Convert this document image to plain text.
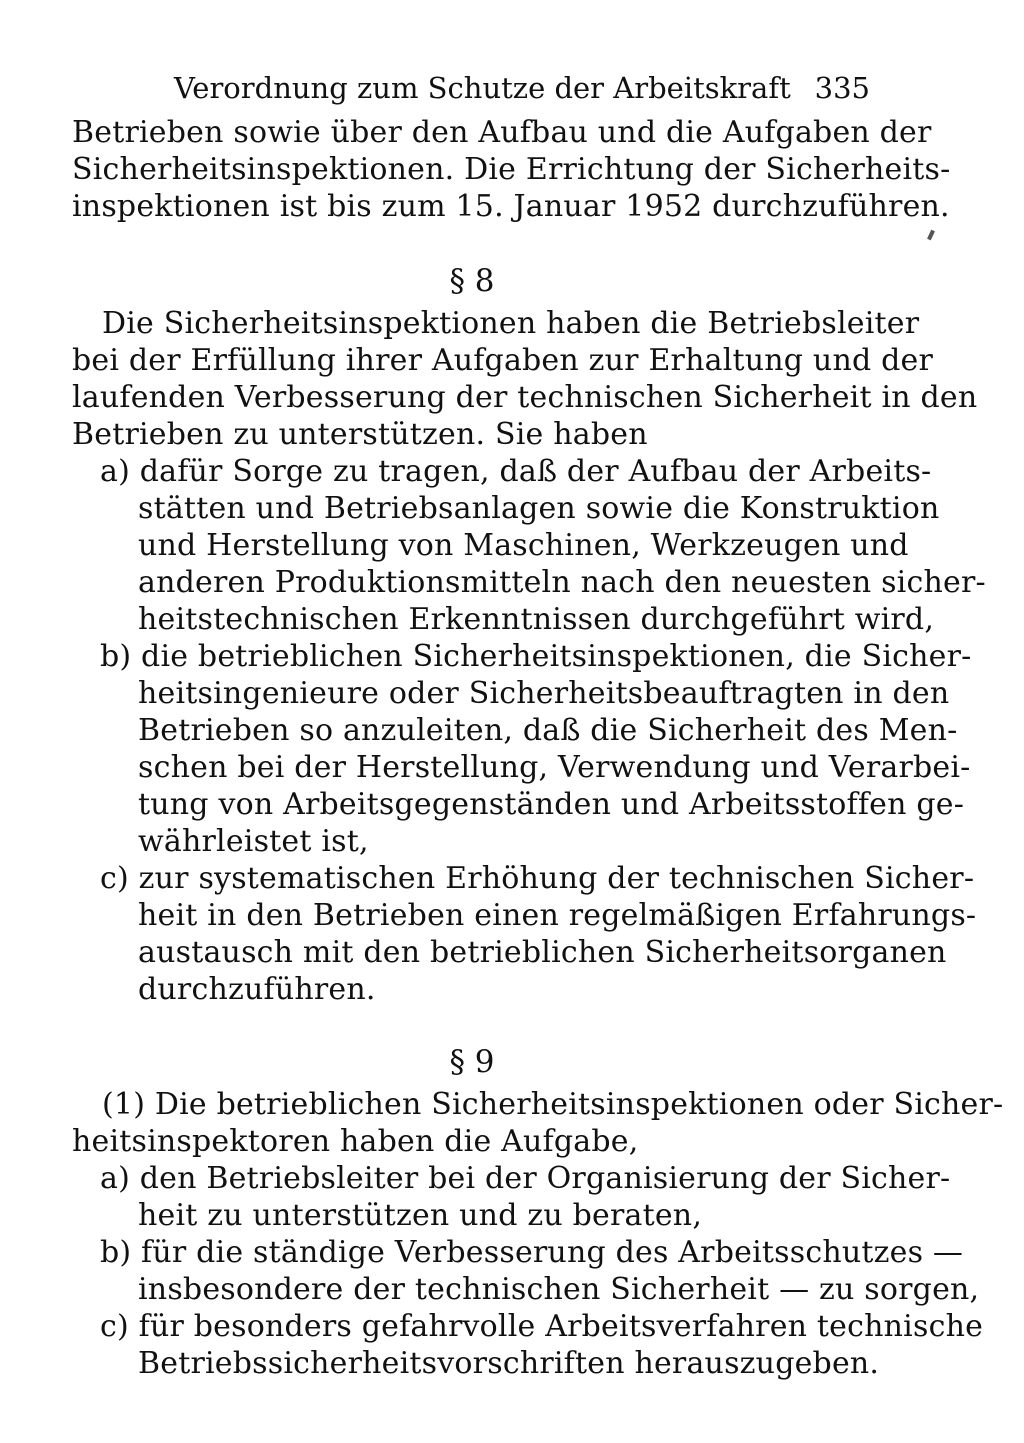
Verordnung zum Schutze der Arbeitskraft 335
Betrieben sowie über den Aufbau und die Aufgaben der
Sicherheitsinspektionen. Die Errichtung der Sicherheits-
inspektionen ist bis zum 15. Januar 1952 durchzuführen.
§ 8
Die Sicherheitsinspektionen haben die Betriebsleiter
bei der Erfüllung ihrer Aufgaben zur Erhaltung und der
laufenden Verbesserung der technischen Sicherheit in den
Betrieben zu unterstützen. Sie haben
a) dafür Sorge zu tragen, daß der Aufbau der Arbeits-
stätten und Betriebsanlagen sowie die Konstruktion
und Herstellung von Maschinen, Werkzeugen und
anderen Produktionsmitteln nach den neuesten sicher-
heitstechnischen Erkenntnissen durchgeführt wird,
b) die betrieblichen Sicherheitsinspektionen, die Sicher-
heitsingenieure oder Sicherheitsbeauftragten in den
Betrieben so anzuleiten, daß die Sicherheit des Men-
schen bei der Herstellung, Verwendung und Verarbei-
tung von Arbeitsgegenständen und Arbeitsstoffen ge-
währleistet ist,
c) zur systematischen Erhöhung der technischen Sicher-
heit in den Betrieben einen regelmäßigen Erfahrungs-
austausch mit den betrieblichen Sicherheitsorganen
durchzuführen.
§ 9
(1) Die betrieblichen Sicherheitsinspektionen oder Sicher-
heitsinspektoren haben die Aufgabe,
a) den Betriebsleiter bei der Organisierung der Sicher-
heit zu unterstützen und zu beraten,
b) für die ständige Verbesserung des Arbeitsschutzes —
insbesondere der technischen Sicherheit — zu sorgen,
c) für besonders gefahrvolle Arbeitsverfahren technische
Betriebssicherheitsvorschriften herauszugeben.
